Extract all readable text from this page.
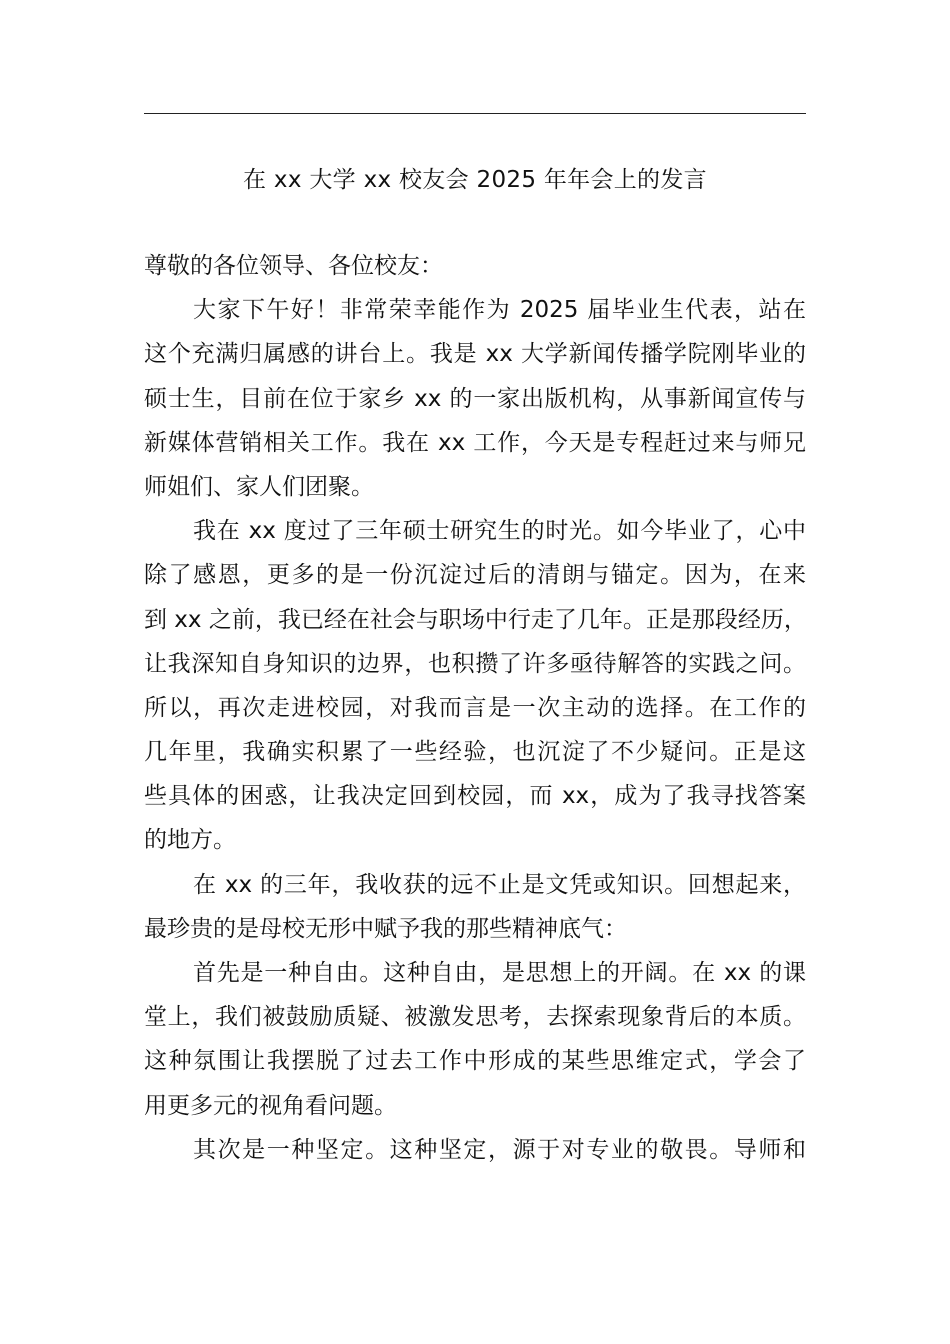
在 xx 大学 xx 校友会 2025 年年会上的发言
尊敬的各位领导、各位校友：
大家下午好！非常荣幸能作为 2025 届毕业生代表，站在
这个充满归属感的讲台上。我是 xx 大学新闻传播学院刚毕业的
硕士生，目前在位于家乡 xx 的一家出版机构，从事新闻宣传与
新媒体营销相关工作。我在 xx 工作，今天是专程赶过来与师兄
师姐们、家人们团聚。
我在 xx 度过了三年硕士研究生的时光。如今毕业了，心中
除了感恩，更多的是一份沉淀过后的清朗与锚定。因为，在来
到 xx 之前，我已经在社会与职场中行走了几年。正是那段经历，
让我深知自身知识的边界，也积攒了许多亟待解答的实践之问。
所以，再次走进校园，对我而言是一次主动的选择。在工作的
几年里，我确实积累了一些经验，也沉淀了不少疑问。正是这
些具体的困惑，让我决定回到校园，而 xx，成为了我寻找答案
的地方。
在 xx 的三年，我收获的远不止是文凭或知识。回想起来，
最珍贵的是母校无形中赋予我的那些精神底气：
首先是一种自由。这种自由，是思想上的开阔。在 xx 的课
堂上，我们被鼓励质疑、被激发思考，去探索现象背后的本质。
这种氛围让我摆脱了过去工作中形成的某些思维定式，学会了
用更多元的视角看问题。
其次是一种坚定。这种坚定，源于对专业的敬畏。导师和
